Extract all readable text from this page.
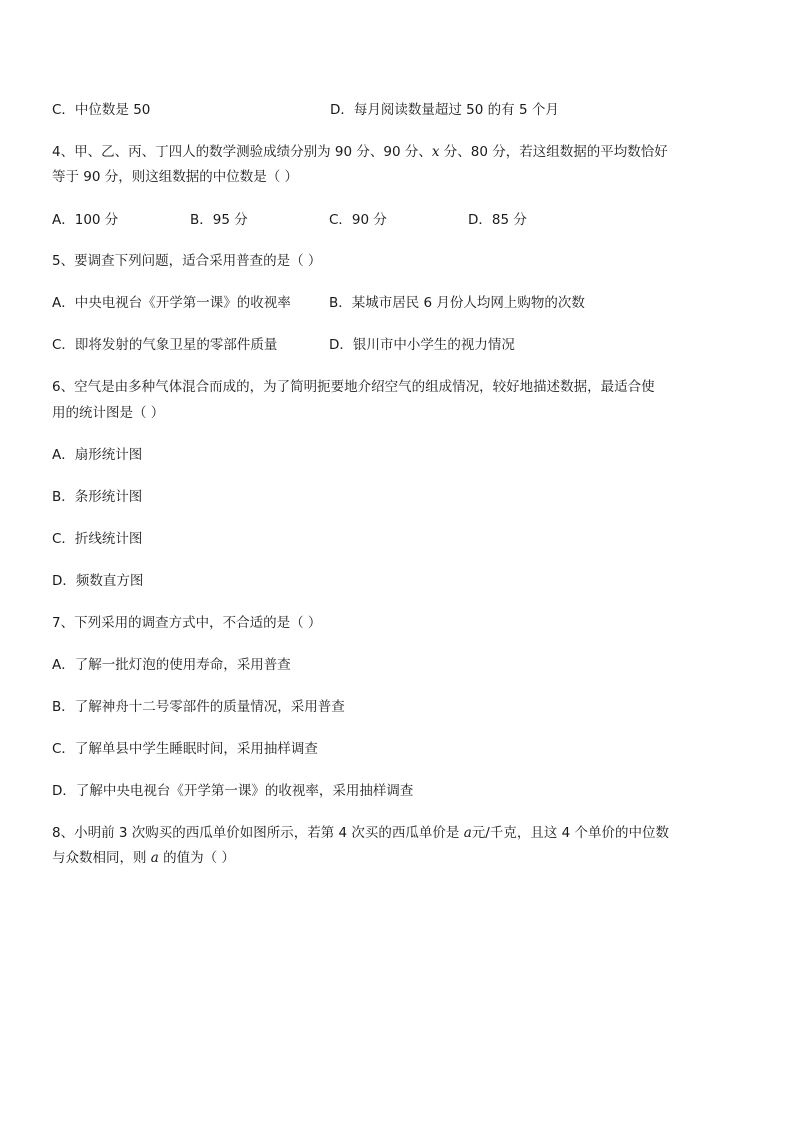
C．中位数是 50	D．每月阅读数量超过 50 的有 5 个月
4、甲、乙、丙、丁四人的数学测验成绩分别为 90 分、90 分、x 分、80 分，若这组数据的平均数恰好
等于 90 分，则这组数据的中位数是（ ）
A．100 分	B．95 分	C．90 分	D．85 分
5、要调查下列问题，适合采用普查的是（ ）
A．中央电视台《开学第一课》的收视率	B．某城市居民 6 月份人均网上购物的次数
C．即将发射的气象卫星的零部件质量	D．银川市中小学生的视力情况
6、空气是由多种气体混合而成的，为了简明扼要地介绍空气的组成情况，较好地描述数据，最适合使
用的统计图是（ ）
A．扇形统计图
B．条形统计图
C．折线统计图
D．频数直方图
7、下列采用的调查方式中，不合适的是（ ）
A．了解一批灯泡的使用寿命，采用普查
B．了解神舟十二号零部件的质量情况，采用普查
C．了解单县中学生睡眠时间，采用抽样调查
D．了解中央电视台《开学第一课》的收视率，采用抽样调查
8、小明前 3 次购买的西瓜单价如图所示，若第 4 次买的西瓜单价是 a元/千克，且这 4 个单价的中位数
与众数相同，则 a 的值为（ ）
